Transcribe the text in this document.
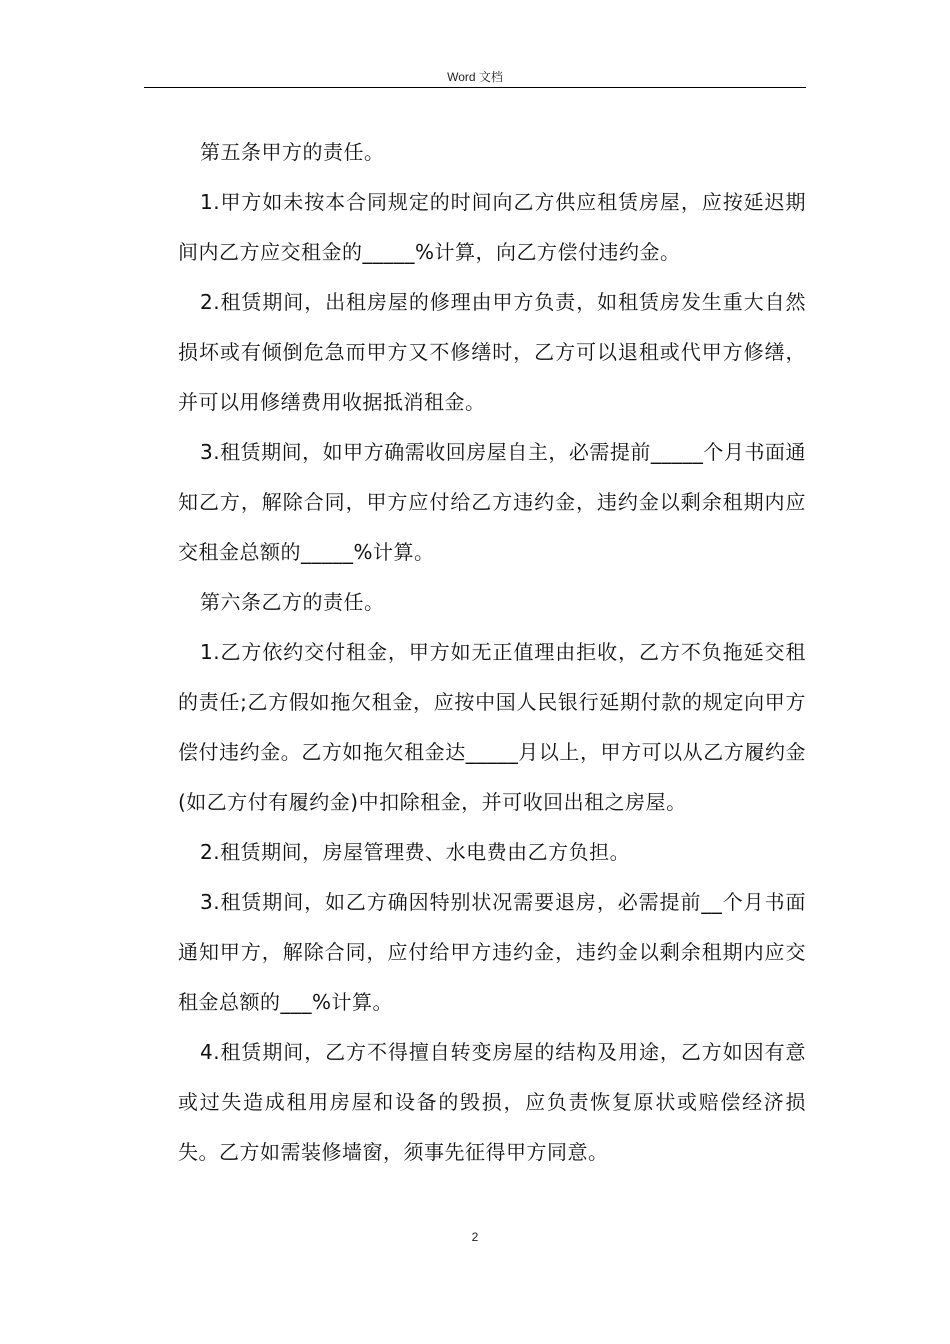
Word 文档

第五条甲方的责任。

1.甲方如未按本合同规定的时间向乙方供应租赁房屋，应按延迟期间内乙方应交租金的_____%计算，向乙方偿付违约金。

2.租赁期间，出租房屋的修理由甲方负责，如租赁房发生重大自然损坏或有倾倒危急而甲方又不修缮时，乙方可以退租或代甲方修缮，并可以用修缮费用收据抵消租金。

3.租赁期间，如甲方确需收回房屋自主，必需提前_____个月书面通知乙方，解除合同，甲方应付给乙方违约金，违约金以剩余租期内应交租金总额的_____%计算。

第六条乙方的责任。

1.乙方依约交付租金，甲方如无正值理由拒收，乙方不负拖延交租的责任;乙方假如拖欠租金，应按中国人民银行延期付款的规定向甲方偿付违约金。乙方如拖欠租金达_____月以上，甲方可以从乙方履约金(如乙方付有履约金)中扣除租金，并可收回出租之房屋。

2.租赁期间，房屋管理费、水电费由乙方负担。

3.租赁期间，如乙方确因特别状况需要退房，必需提前__个月书面通知甲方，解除合同，应付给甲方违约金，违约金以剩余租期内应交租金总额的___%计算。

4.租赁期间，乙方不得擅自转变房屋的结构及用途，乙方如因有意或过失造成租用房屋和设备的毁损，应负责恢复原状或赔偿经济损失。乙方如需装修墙窗，须事先征得甲方同意。

2
